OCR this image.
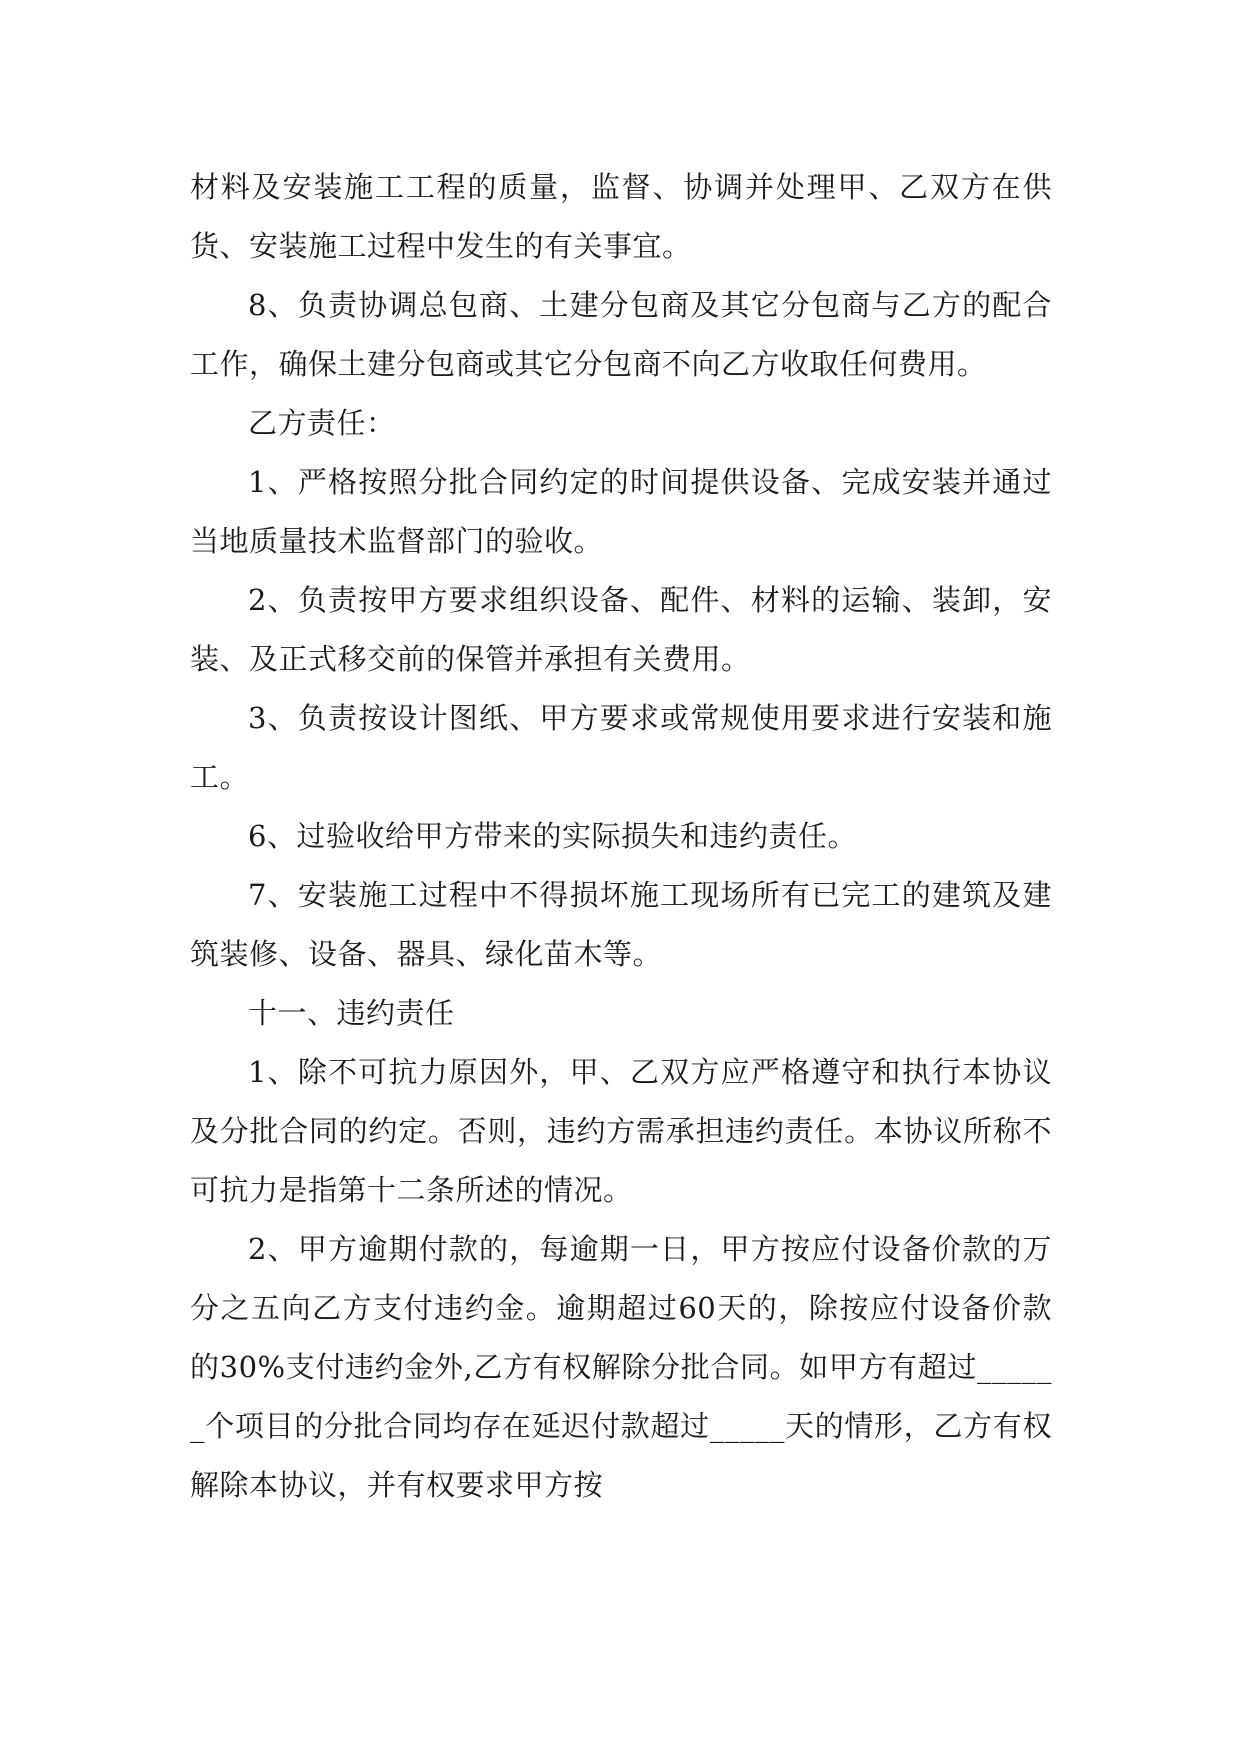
材料及安装施工工程的质量，监督、协调并处理甲、乙双方在供货、安装施工过程中发生的有关事宜。

8、负责协调总包商、土建分包商及其它分包商与乙方的配合工作，确保土建分包商或其它分包商不向乙方收取任何费用。

乙方责任：

1、严格按照分批合同约定的时间提供设备、完成安装并通过当地质量技术监督部门的验收。

2、负责按甲方要求组织设备、配件、材料的运输、装卸，安装、及正式移交前的保管并承担有关费用。

3、负责按设计图纸、甲方要求或常规使用要求进行安装和施工。

6、过验收给甲方带来的实际损失和违约责任。

7、安装施工过程中不得损坏施工现场所有已完工的建筑及建筑装修、设备、器具、绿化苗木等。

十一、违约责任

1、除不可抗力原因外，甲、乙双方应严格遵守和执行本协议及分批合同的约定。否则，违约方需承担违约责任。本协议所称不可抗力是指第十二条所述的情况。

2、甲方逾期付款的，每逾期一日，甲方按应付设备价款的万分之五向乙方支付违约金。逾期超过60天的，除按应付设备价款的30%支付违约金外,乙方有权解除分批合同。如甲方有超过______个项目的分批合同均存在延迟付款超过_____天的情形，乙方有权解除本协议，并有权要求甲方按
